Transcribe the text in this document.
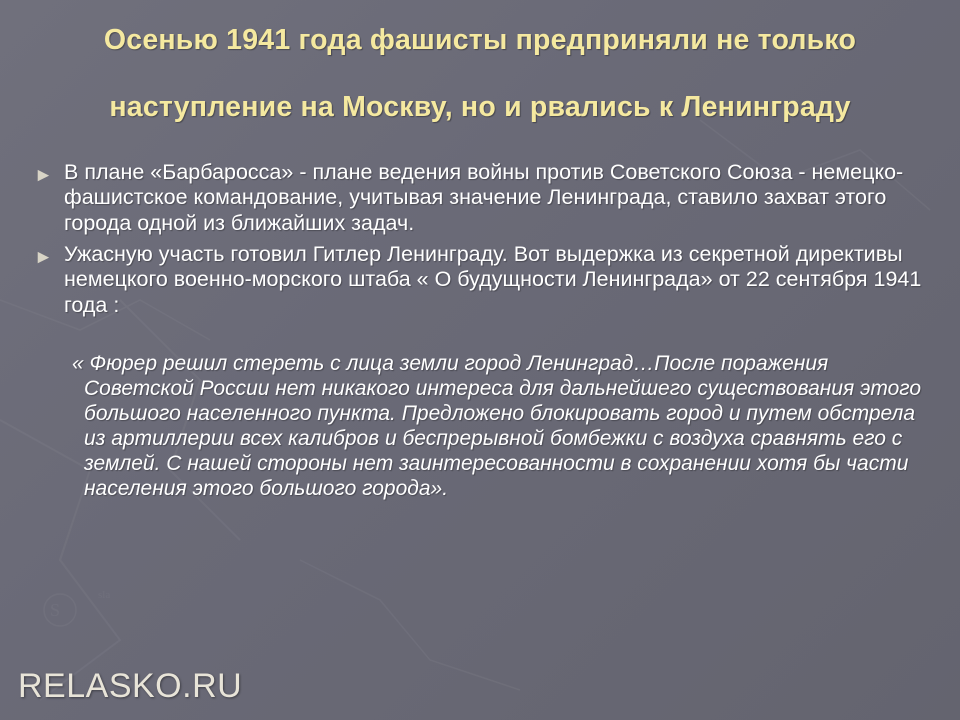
S
sla
Осенью 1941 года фашисты предприняли не только
наступление на Москву, но и рвались к Ленинграду
► В плане «Барбаросса» - плане ведения войны против Советского Союза - немецко-фашистское командование, учитывая значение Ленинграда, ставило захват этого города одной из ближайших задач.
► Ужасную участь готовил Гитлер Ленинграду. Вот выдержка из секретной директивы немецкого военно-морского штаба « О будущности Ленинграда» от 22 сентября 1941 года :
« Фюрер решил стереть с лица земли город Ленинград…После поражения Советской России нет никакого интереса для дальнейшего существования этого большого населенного пункта. Предложено блокировать город и путем обстрела из артиллерии всех калибров и беспрерывной бомбежки с воздуха сравнять его с землей. С нашей стороны нет заинтересованности в сохранении хотя бы части населения этого большого города».
RELASKO.RU
